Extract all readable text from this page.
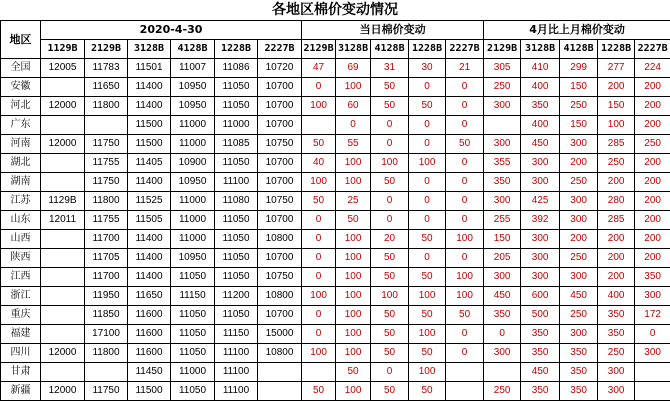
各地区棉价变动情况
地区	2020-4-30						当日棉价变动					4月比上月棉价变动				
	1129B	2129B	3128B	4128B	1228B	2227B	2129B	3128B	4128B	1228B	2227B	2129B	3128B	4128B	1228B	2227B
全国	12005	11783	11501	11007	11086	10720	47	69	31	30	21	305	410	299	277	224
安徽		11650	11400	10950	11050	10700	0	100	50	0	0	250	400	150	200	200
河北	12000	11800	11400	10950	11050	10700	100	60	50	50	0	300	350	250	150	200
广东			11500	11000	11000	10700		0	0	0	0		400	150	100	200
河南	12000	11750	11500	11000	11085	10750	50	55	0	0	50	300	450	300	285	250
湖北		11755	11405	10900	11050	10700	40	100	100	100	0	355	300	200	250	200
湖南		11750	11400	10950	11100	10700	100	100	50	0	0	350	300	250	200	200
江苏	1129B	11800	11525	11000	11080	10750	50	25	0	0	0	300	425	300	280	200
山东	12011	11755	11505	11000	11050	10700	0	50	0	0	0	255	392	300	285	200
山西		11700	11400	11000	11050	10800	0	100	20	50	100	150	300	200	200	200
陕西		11705	11400	10950	11050	10700	0	100	50	0	0	205	300	250	200	200
江西		11700	11400	11050	11050	10750	0	100	50	50	100	300	300	300	200	350
浙江		11950	11650	11150	11200	10800	100	100	100	100	100	450	600	450	400	300
重庆		11850	11600	11050	11050	10700	0	100	50	50	50	350	500	250	350	172
福建		17100	11600	11050	11150	15000	0	100	50	100	0	0	350	300	350	0
四川	12000	11800	11600	11050	11100	10800	100	100	50	50	0	300	350	350	250	300
甘肃			11450	11000	11100			50	0	100			450	350	300	
新疆	12000	11750	11500	11050	11100		50	100	50	50		250	350	350	300	
